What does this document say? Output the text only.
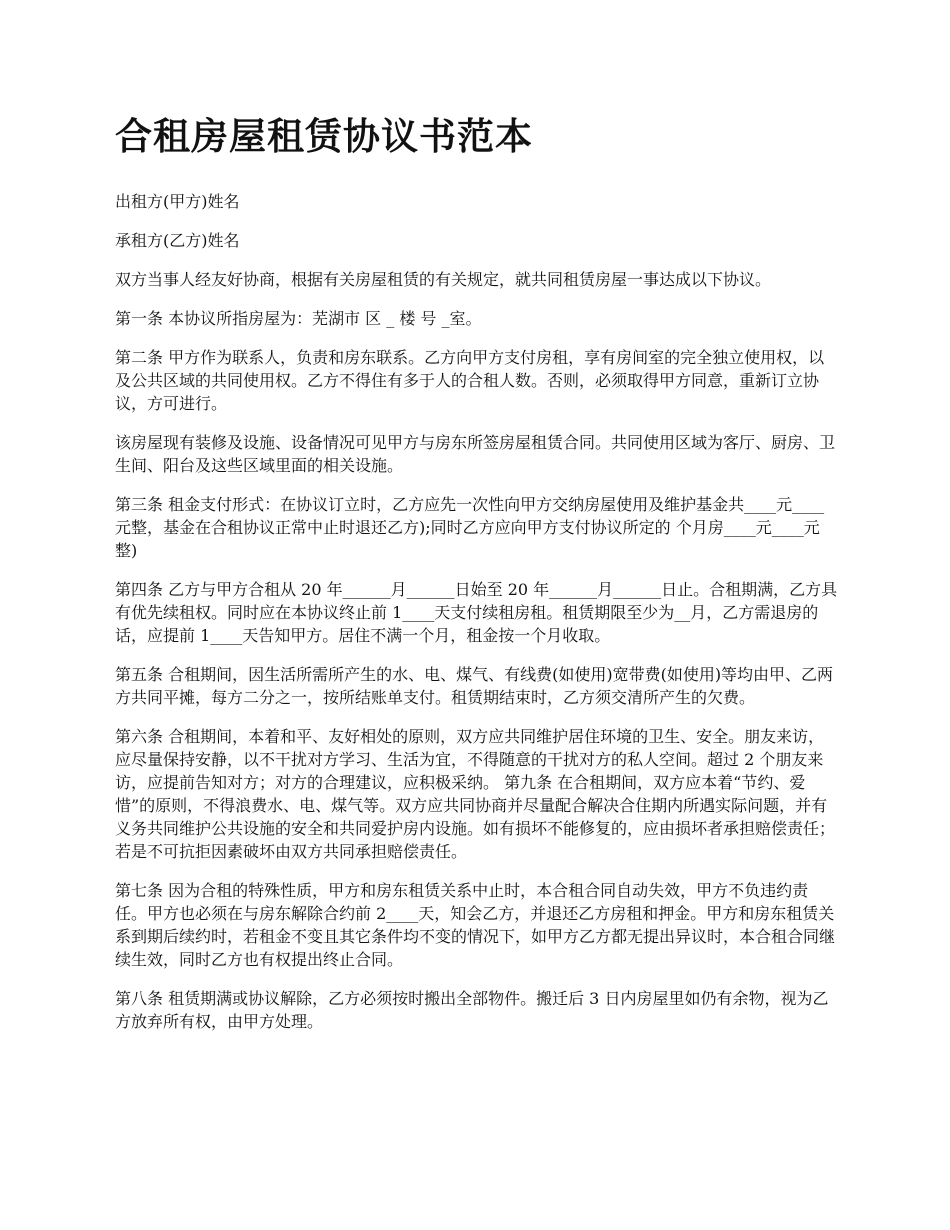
合租房屋租赁协议书范本

出租方(甲方)姓名

承租方(乙方)姓名

双方当事人经友好协商，根据有关房屋租赁的有关规定，就共同租赁房屋一事达成以下协议。

第一条 本协议所指房屋为：芜湖市 区 _ 楼 号 _室。

第二条 甲方作为联系人，负责和房东联系。乙方向甲方支付房租，享有房间室的完全独立使用权，以及公共区域的共同使用权。乙方不得住有多于人的合租人数。否则，必须取得甲方同意，重新订立协议，方可进行。

该房屋现有装修及设施、设备情况可见甲方与房东所签房屋租赁合同。共同使用区域为客厅、厨房、卫生间、阳台及这些区域里面的相关设施。

第三条 租金支付形式：在协议订立时，乙方应先一次性向甲方交纳房屋使用及维护基金共____元____元整，基金在合租协议正常中止时退还乙方);同时乙方应向甲方支付协议所定的 个月房____元____元整)

第四条 乙方与甲方合租从 20 年______月______日始至 20 年______月______日止。合租期满，乙方具有优先续租权。同时应在本协议终止前 1____天支付续租房租。租赁期限至少为__月，乙方需退房的话，应提前 1____天告知甲方。居住不满一个月，租金按一个月收取。

第五条 合租期间，因生活所需所产生的水、电、煤气、有线费(如使用)宽带费(如使用)等均由甲、乙两方共同平摊，每方二分之一，按所结账单支付。租赁期结束时，乙方须交清所产生的欠费。

第六条 合租期间，本着和平、友好相处的原则，双方应共同维护居住环境的卫生、安全。朋友来访，应尽量保持安静，以不干扰对方学习、生活为宜，不得随意的干扰对方的私人空间。超过 2 个朋友来访，应提前告知对方；对方的合理建议，应积极采纳。 第九条 在合租期间，双方应本着“节约、爱惜”的原则，不得浪费水、电、煤气等。双方应共同协商并尽量配合解决合住期内所遇实际问题，并有义务共同维护公共设施的安全和共同爱护房内设施。如有损坏不能修复的，应由损坏者承担赔偿责任；若是不可抗拒因素破坏由双方共同承担赔偿责任。

第七条 因为合租的特殊性质，甲方和房东租赁关系中止时，本合租合同自动失效，甲方不负违约责任。甲方也必须在与房东解除合约前 2____天，知会乙方，并退还乙方房租和押金。甲方和房东租赁关系到期后续约时，若租金不变且其它条件均不变的情况下，如甲方乙方都无提出异议时，本合租合同继续生效，同时乙方也有权提出终止合同。

第八条 租赁期满或协议解除，乙方必须按时搬出全部物件。搬迁后 3 日内房屋里如仍有余物，视为乙方放弃所有权，由甲方处理。
